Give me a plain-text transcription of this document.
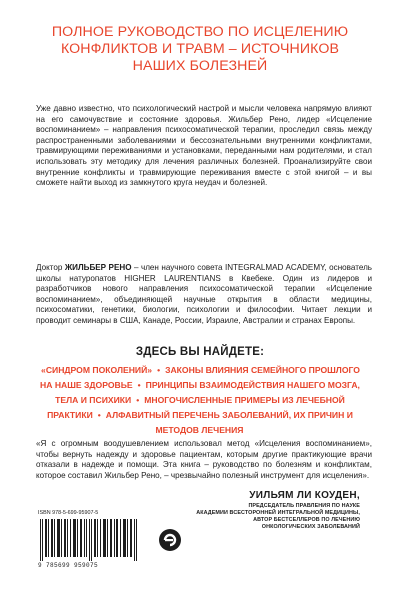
ПОЛНОЕ РУКОВОДСТВО ПО ИСЦЕЛЕНИЮ
КОНФЛИКТОВ И ТРАВМ – ИСТОЧНИКОВ
НАШИХ БОЛЕЗНЕЙ

Уже давно известно, что психологический настрой и мысли человека напрямую влияют на его самочувствие и состояние здоровья. Жильбер Рено, лидер «Исцеление воспоминанием» – направления психосоматической терапии, проследил связь между распространенными заболеваниями и бессознательными внутренними конфликтами, травмирующими переживаниями и установками, переданными нам родителями, и стал использовать эту методику для лечения различных болезней. Проанализируйте свои внутренние конфликты и травмирующие переживания вместе с этой книгой – и вы сможете найти выход из замкнутого круга неудач и болезней.

Доктор ЖИЛЬБЕР РЕНО – член научного совета INTEGRALMAD ACADEMY, основатель школы натуропатов HIGHER LAURENTIANS в Квебеке. Один из лидеров и разработчиков нового направления психосоматической терапии «Исцеление воспоминанием», объединяющей научные открытия в области медицины, психосоматики, генетики, биологии, психологии и философии. Читает лекции и проводит семинары в США, Канаде, России, Израиле, Австралии и странах Европы.

ЗДЕСЬ ВЫ НАЙДЕТЕ:
«СИНДРОМ ПОКОЛЕНИЙ» • ЗАКОНЫ ВЛИЯНИЯ СЕМЕЙНОГО ПРОШЛОГО НА НАШЕ ЗДОРОВЬЕ • ПРИНЦИПЫ ВЗАИМОДЕЙСТВИЯ НАШЕГО МОЗГА, ТЕЛА И ПСИХИКИ • МНОГОЧИСЛЕННЫЕ ПРИМЕРЫ ИЗ ЛЕЧЕБНОЙ ПРАКТИКИ • АЛФАВИТНЫЙ ПЕРЕЧЕНЬ ЗАБОЛЕВАНИЙ, ИХ ПРИЧИН И МЕТОДОВ ЛЕЧЕНИЯ

«Я с огромным воодушевлением использовал метод «Исцеления воспоминанием», чтобы вернуть надежду и здоровье пациентам, которым другие практикующие врачи отказали в надежде и помощи. Эта книга – руководство по болезням и конфликтам, которое составил Жильбер Рено, – чрезвычайно полезный инструмент для исцеления».

УИЛЬЯМ ЛИ КОУДЕН,
ПРЕДСЕДАТЕЛЬ ПРАВЛЕНИЯ ПО НАУКЕ
АКАДЕМИИ ВСЕСТОРОННЕЙ ИНТЕГРАЛЬНОЙ МЕДИЦИНЫ,
АВТОР БЕСТСЕЛЛЕРОВ ПО ЛЕЧЕНИЮ
ОНКОЛОГИЧЕСКИХ ЗАБОЛЕВАНИЙ
ISBN 978-5-699-95907-5
9 785699 959075
